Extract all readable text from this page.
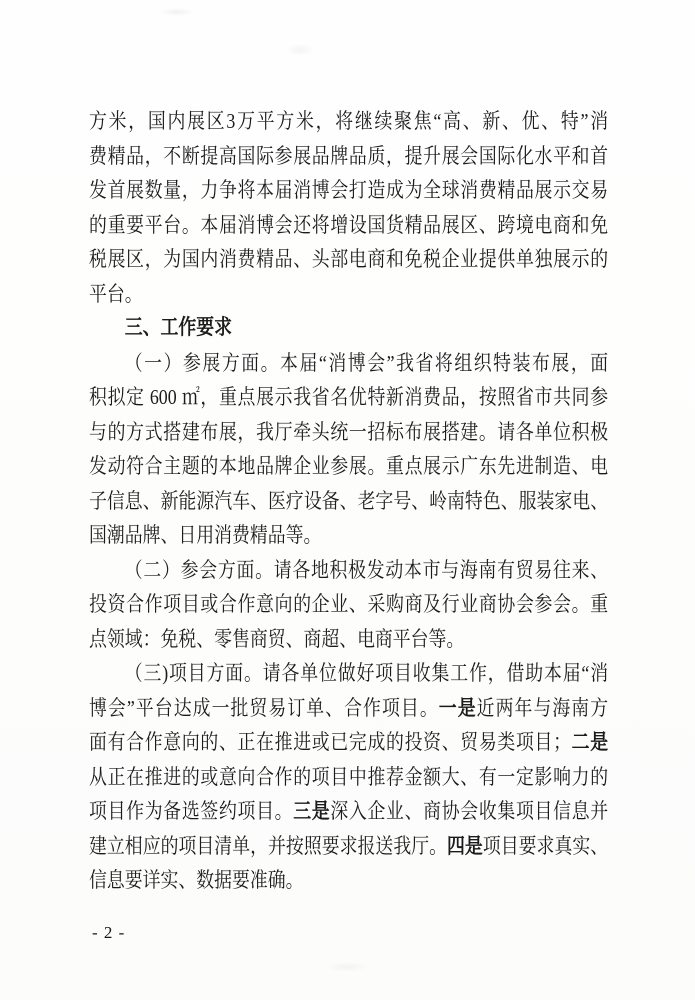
方米，国内展区3万平方米，将继续聚焦“高、新、优、特”消
费精品，不断提高国际参展品牌品质，提升展会国际化水平和首
发首展数量，力争将本届消博会打造成为全球消费精品展示交易
的重要平台。本届消博会还将增设国货精品展区、跨境电商和免
税展区，为国内消费精品、头部电商和免税企业提供单独展示的
平台。
三、工作要求
（一）参展方面。本届“消博会”我省将组织特装布展，面
积拟定 600 ㎡，重点展示我省名优特新消费品，按照省市共同参
与的方式搭建布展，我厅牵头统一招标布展搭建。请各单位积极
发动符合主题的本地品牌企业参展。重点展示广东先进制造、电
子信息、新能源汽车、医疗设备、老字号、岭南特色、服装家电、
国潮品牌、日用消费精品等。
（二）参会方面。请各地积极发动本市与海南有贸易往来、
投资合作项目或合作意向的企业、采购商及行业商协会参会。重
点领域：免税、零售商贸、商超、电商平台等。
（三)项目方面。请各单位做好项目收集工作，借助本届“消
博会”平台达成一批贸易订单、合作项目。一是近两年与海南方
面有合作意向的、正在推进或已完成的投资、贸易类项目；二是
从正在推进的或意向合作的项目中推荐金额大、有一定影响力的
项目作为备选签约项目。三是深入企业、商协会收集项目信息并
建立相应的项目清单，并按照要求报送我厅。四是项目要求真实、
信息要详实、数据要准确。
- 2 -
